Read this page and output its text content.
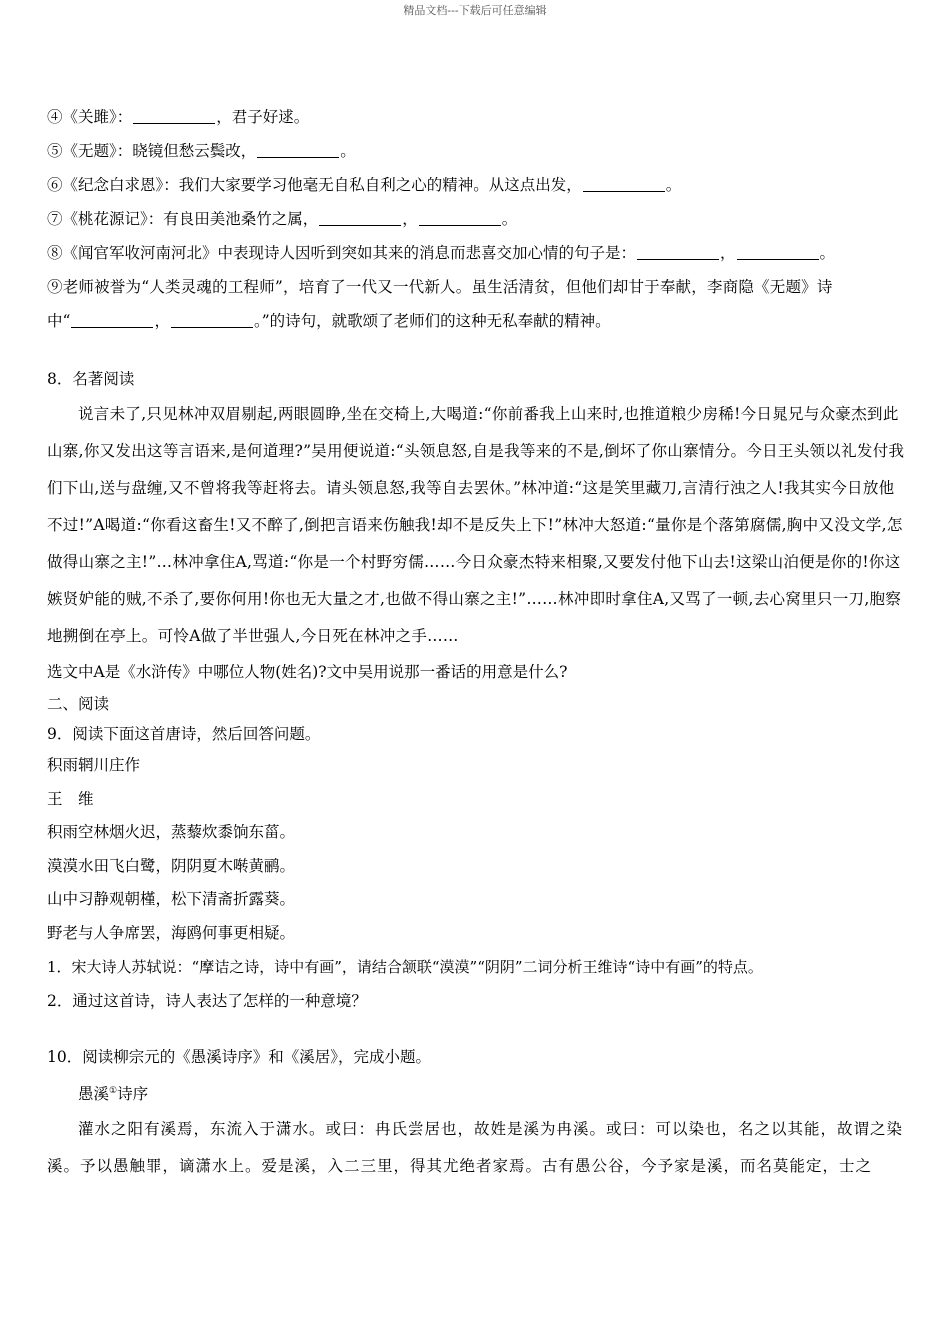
精品文档---下载后可任意编辑
④《关雎》：	，君子好逑。
⑤《无题》：晓镜但愁云鬓改，	。
⑥《纪念白求恩》：我们大家要学习他毫无自私自利之心的精神。从这点出发，	。
⑦《桃花源记》：有良田美池桑竹之属，	，	。
⑧《闻官军收河南河北》中表现诗人因听到突如其来的消息而悲喜交加心情的句子是：	，	。
⑨老师被誉为“人类灵魂的工程师”，培育了一代又一代新人。虽生活清贫，但他们却甘于奉献，李商隐《无题》诗
中“	，	。”的诗句，就歌颂了老师们的这种无私奉献的精神。
8．名著阅读
说言未了,只见林冲双眉剔起,两眼圆睁,坐在交椅上,大喝道:“你前番我上山来时,也推道粮少房稀!今日晁兄与众豪杰到此山寨,你又发出这等言语来,是何道理?”吴用便说道:“头领息怒,自是我等来的不是,倒坏了你山寨情分。今日王头领以礼发付我们下山,送与盘缠,又不曾将我等赶将去。请头领息怒,我等自去罢休。”林冲道:“这是笑里藏刀,言清行浊之人!我其实今日放他不过!”A喝道:“你看这畜生!又不醉了,倒把言语来伤触我!却不是反失上下!”林冲大怒道:“量你是个落第腐儒,胸中又没文学,怎做得山寨之主!”…林冲拿住A,骂道:“你是一个村野穷儒……今日众豪杰特来相聚,又要发付他下山去!这梁山泊便是你的!你这嫉贤妒能的贼,不杀了,要你何用!你也无大量之才,也做不得山寨之主!”……林冲即时拿住A,又骂了一顿,去心窝里只一刀,胞察地搠倒在亭上。可怜A做了半世强人,今日死在林冲之手……
选文中A是《水浒传》中哪位人物(姓名)?文中吴用说那一番话的用意是什么?
二、阅读
9．阅读下面这首唐诗，然后回答问题。
积雨辋川庄作
王　维
积雨空林烟火迟，蒸藜炊黍饷东菑。
漠漠水田飞白鹭，阴阴夏木啭黄鹂。
山中习静观朝槿，松下清斋折露葵。
野老与人争席罢，海鸥何事更相疑。
1．宋大诗人苏轼说：“摩诘之诗，诗中有画”，请结合颔联“漠漠”“阴阴”二词分析王维诗“诗中有画”的特点。
2．通过这首诗，诗人表达了怎样的一种意境？
10．阅读柳宗元的《愚溪诗序》和《溪居》，完成小题。
愚溪①诗序
灌水之阳有溪焉，东流入于潇水。或曰：冉氏尝居也，故姓是溪为冉溪。或曰：可以染也，名之以其能，故谓之染溪。予以愚触罪，谪潇水上。爱是溪，入二三里，得其尤绝者家焉。古有愚公谷，今予家是溪，而名莫能定，士之
